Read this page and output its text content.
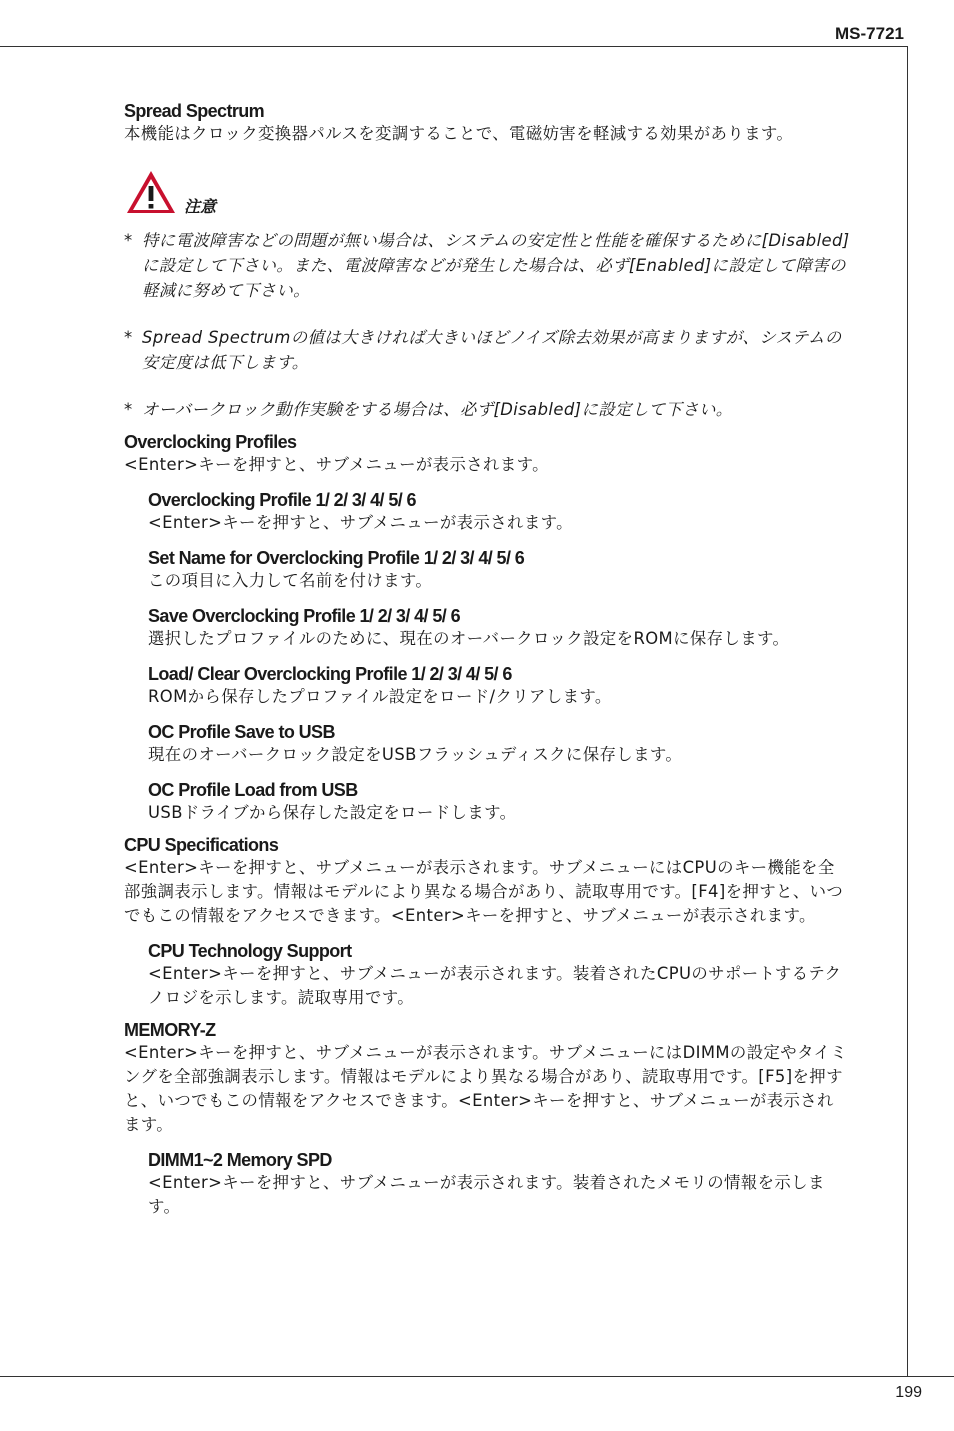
MS-7721
Spread Spectrum
本機能はクロック変換器パルスを変調することで、電磁妨害を軽減する効果があります。
注意
* 特に電波障害などの問題が無い場合は、システムの安定性と性能を確保するために[Disabled]に設定して下さい。また、電波障害などが発生した場合は、必ず[Enabled]に設定して障害の軽減に努めて下さい。
* Spread Spectrumの値は大きければ大きいほどノイズ除去効果が高まりますが、システムの安定度は低下します。
* オーバークロック動作実験をする場合は、必ず[Disabled]に設定して下さい。
Overclocking Profiles
<Enter>キーを押すと、サブメニューが表示されます。
Overclocking Profile 1/ 2/ 3/ 4/ 5/ 6
<Enter>キーを押すと、サブメニューが表示されます。
Set Name for Overclocking Profile 1/ 2/ 3/ 4/ 5/ 6
この項目に入力して名前を付けます。
Save Overclocking Profile 1/ 2/ 3/ 4/ 5/ 6
選択したプロファイルのために、現在のオーバークロック設定をROMに保存します。
Load/ Clear Overclocking Profile 1/ 2/ 3/ 4/ 5/ 6
ROMから保存したプロファイル設定をロード/クリアします。
OC Profile Save to USB
現在のオーバークロック設定をUSBフラッシュディスクに保存します。
OC Profile Load from USB
USBドライブから保存した設定をロードします。
CPU Specifications
<Enter>キーを押すと、サブメニューが表示されます。サブメニューにはCPUのキー機能を全部強調表示します。情報はモデルにより異なる場合があり、読取専用です。[F4]を押すと、いつでもこの情報をアクセスできます。<Enter>キーを押すと、サブメニューが表示されます。
CPU Technology Support
<Enter>キーを押すと、サブメニューが表示されます。装着されたCPUのサポートするテクノロジを示します。読取専用です。
MEMORY-Z
<Enter>キーを押すと、サブメニューが表示されます。サブメニューにはDIMMの設定やタイミングを全部強調表示します。情報はモデルにより異なる場合があり、読取専用です。[F5]を押すと、いつでもこの情報をアクセスできます。<Enter>キーを押すと、サブメニューが表示されます。
DIMM1~2 Memory SPD
<Enter>キーを押すと、サブメニューが表示されます。装着されたメモリの情報を示します。
199
